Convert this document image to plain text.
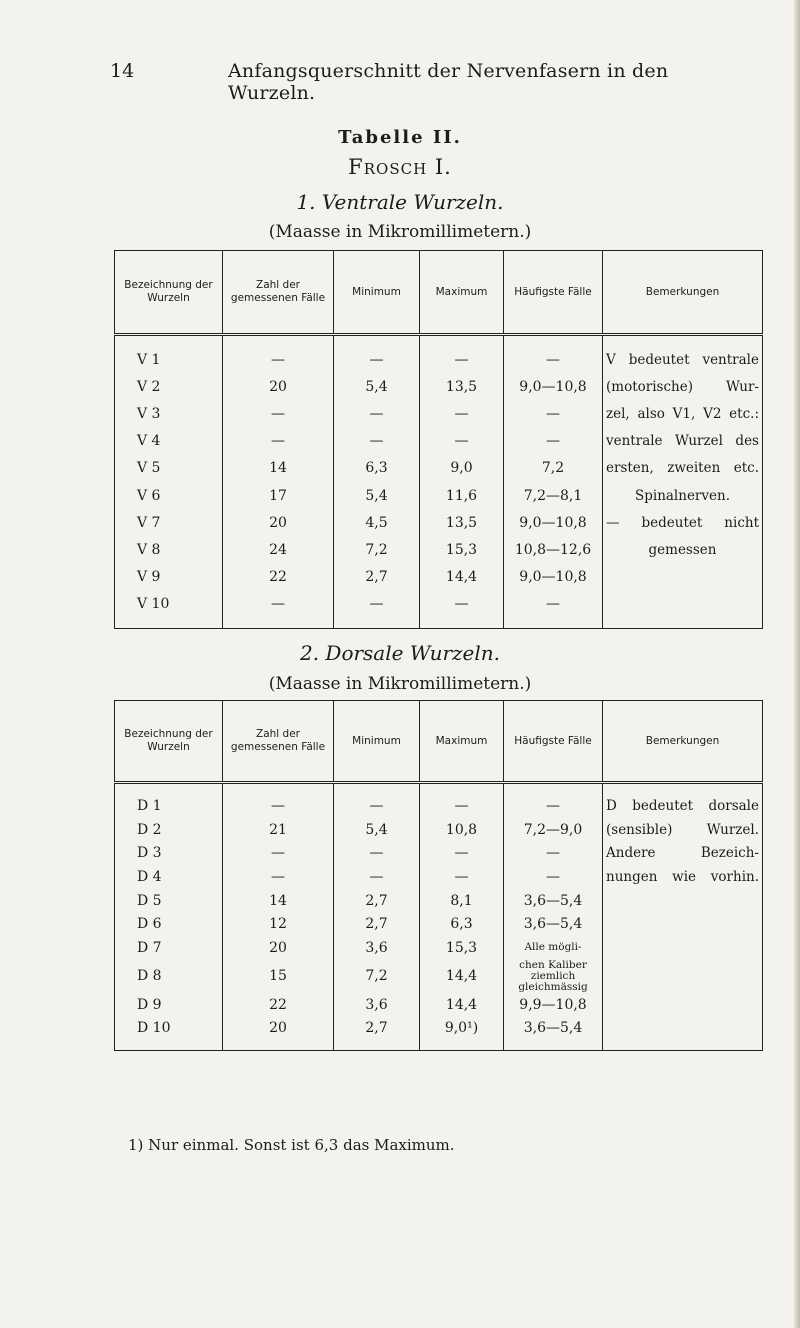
14	Anfangsquerschnitt der Nervenfasern in den Wurzeln.
Tabelle II.
Frosch I.
1. Ventrale Wurzeln.
(Maasse in Mikromillimetern.)
Bezeichnung der Wurzeln	Zahl der gemessenen Fälle	Minimum	Maximum	Häufigste Fälle	Bemerkungen

V 1	—	—	—	—	V bedeutet ventrale
V 2	20	5,4	13,5	9,0—10,8	(motorische) Wur-
V 3	—	—	—	—	zel, also V1, V2 etc.:
V 4	—	—	—	—	ventrale Wurzel des
V 5	14	6,3	9,0	7,2	ersten, zweiten etc.
V 6	17	5,4	11,6	7,2—8,1	Spinalnerven.
V 7	20	4,5	13,5	9,0—10,8	— bedeutet nicht
V 8	24	7,2	15,3	10,8—12,6	gemessen
V 9	22	2,7	14,4	9,0—10,8	
V 10	—	—	—	—	

2. Dorsale Wurzeln.
(Maasse in Mikromillimetern.)
Bezeichnung der Wurzeln	Zahl der gemessenen Fälle	Minimum	Maximum	Häufigste Fälle	Bemerkungen

D 1	—	—	—	—	D bedeutet dorsale
D 2	21	5,4	10,8	7,2—9,0	(sensible) Wurzel.
D 3	—	—	—	—	Andere Bezeich-
D 4	—	—	—	—	nungen wie vorhin.
D 5	14	2,7	8,1	3,6—5,4	
D 6	12	2,7	6,3	3,6—5,4	
D 7	20	3,6	15,3	Alle mögli-	
D 8	15	7,2	14,4	chen Kaliber ziemlich gleichmässig	
D 9	22	3,6	14,4	9,9—10,8	
D 10	20	2,7	9,0¹)	3,6—5,4	

1) Nur einmal. Sonst ist 6,3 das Maximum.
